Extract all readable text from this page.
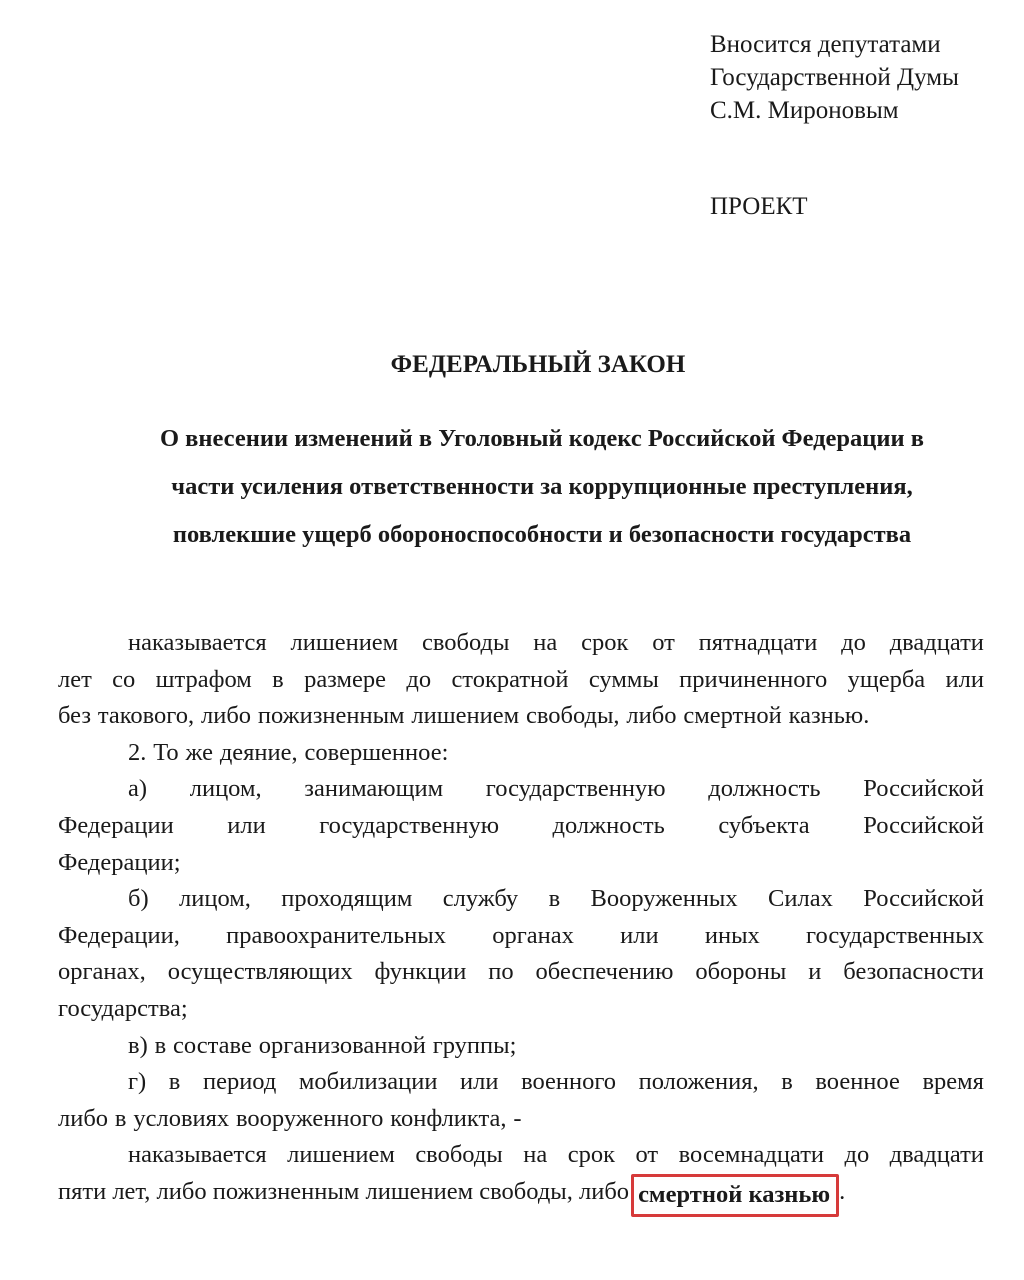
Вносится депутатами
Государственной Думы
С.М. Мироновым
ПРОЕКТ
ФЕДЕРАЛЬНЫЙ ЗАКОН
О внесении изменений в Уголовный кодекс Российской Федерации в
части усиления ответственности за коррупционные преступления,
повлекшие ущерб обороноспособности и безопасности государства
наказывается лишением свободы на срок от пятнадцати до двадцати
лет со штрафом в размере до стократной суммы причиненного ущерба или
без такового, либо пожизненным лишением свободы, либо смертной казнью.
2. То же деяние, совершенное:
а) лицом, занимающим государственную должность Российской
Федерации или государственную должность субъекта Российской
Федерации;
б) лицом, проходящим службу в Вооруженных Силах Российской
Федерации, правоохранительных органах или иных государственных
органах, осуществляющих функции по обеспечению обороны и безопасности
государства;
в) в составе организованной группы;
г) в период мобилизации или военного положения, в военное время
либо в условиях вооруженного конфликта, -
наказывается лишением свободы на срок от восемнадцати до двадцати
пяти лет, либо пожизненным лишением свободы, либо смертной казнью .
